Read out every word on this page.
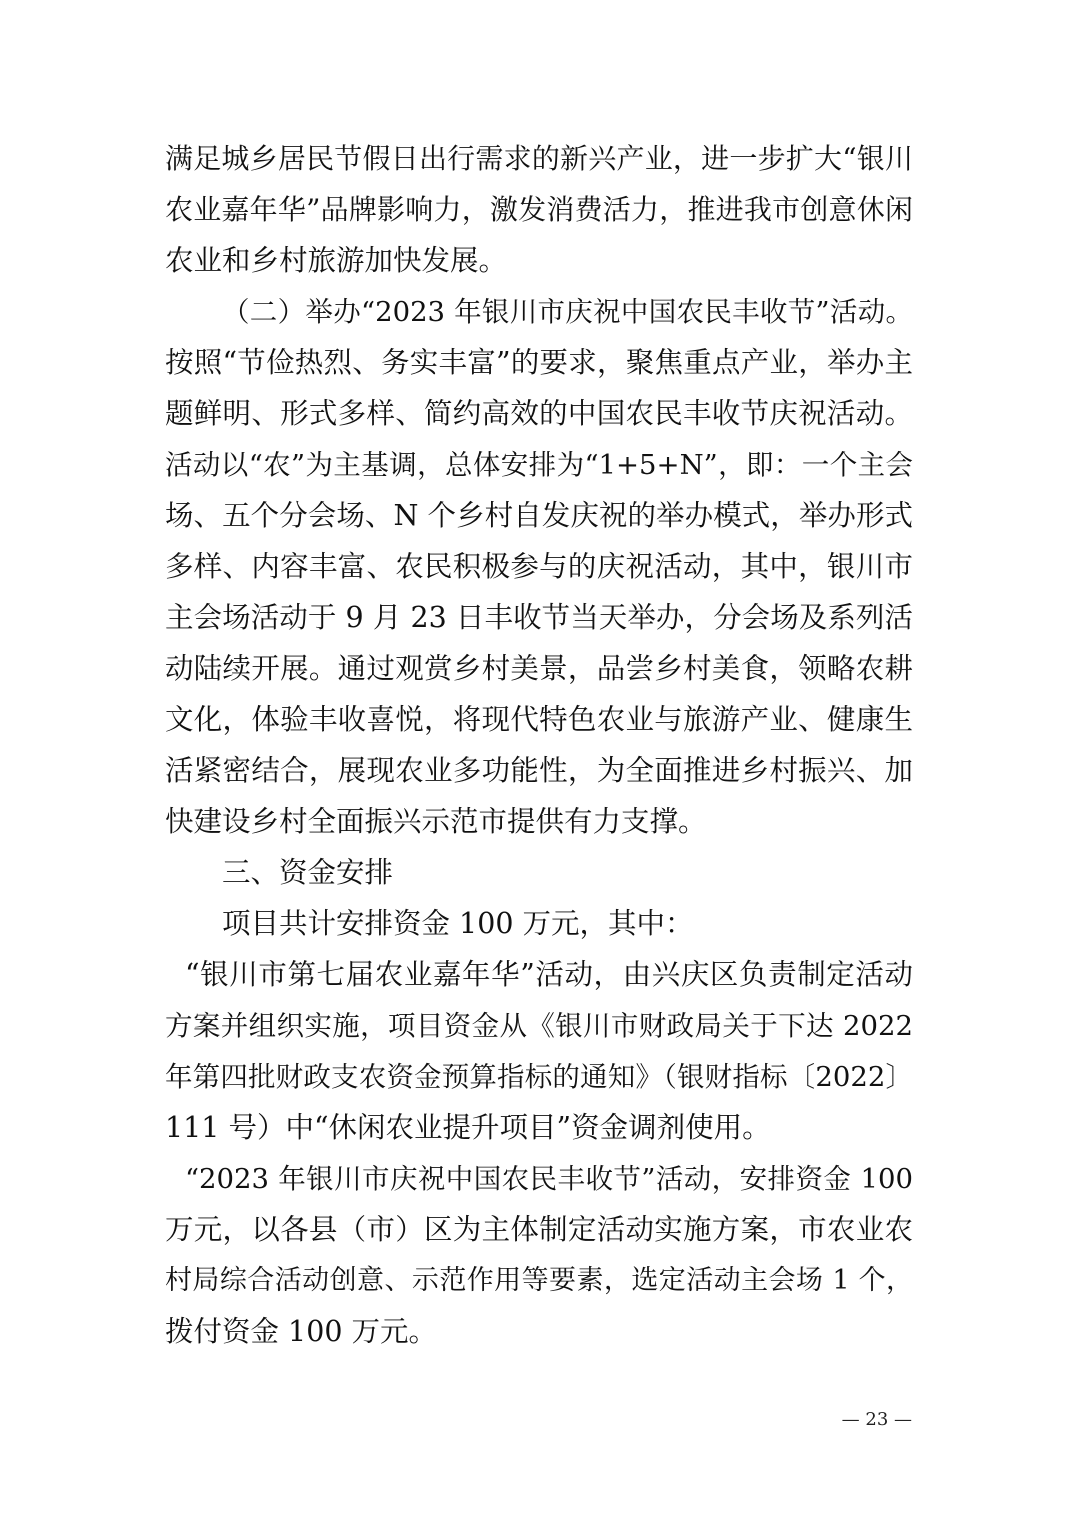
满足城乡居民节假日出行需求的新兴产业，进一步扩大“银川
农业嘉年华”品牌影响力，激发消费活力，推进我市创意休闲
农业和乡村旅游加快发展。
（二）举办“2023 年银川市庆祝中国农民丰收节”活动。
按照“节俭热烈、务实丰富”的要求，聚焦重点产业，举办主
题鲜明、形式多样、简约高效的中国农民丰收节庆祝活动。
活动以“农”为主基调，总体安排为“1+5+N”，即：一个主会
场、五个分会场、N 个乡村自发庆祝的举办模式，举办形式
多样、内容丰富、农民积极参与的庆祝活动，其中，银川市
主会场活动于 9 月 23 日丰收节当天举办，分会场及系列活
动陆续开展。通过观赏乡村美景，品尝乡村美食，领略农耕
文化，体验丰收喜悦，将现代特色农业与旅游产业、健康生
活紧密结合，展现农业多功能性，为全面推进乡村振兴、加
快建设乡村全面振兴示范市提供有力支撑。
三、资金安排
项目共计安排资金 100 万元，其中：
“银川市第七届农业嘉年华”活动，由兴庆区负责制定活动
方案并组织实施，项目资金从《银川市财政局关于下达 2022
年第四批财政支农资金预算指标的通知》（银财指标〔2022〕
111 号）中“休闲农业提升项目”资金调剂使用。
“2023 年银川市庆祝中国农民丰收节”活动，安排资金 100
万元，以各县（市）区为主体制定活动实施方案，市农业农
村局综合活动创意、示范作用等要素，选定活动主会场 1 个，
拨付资金 100 万元。
— 23 —
